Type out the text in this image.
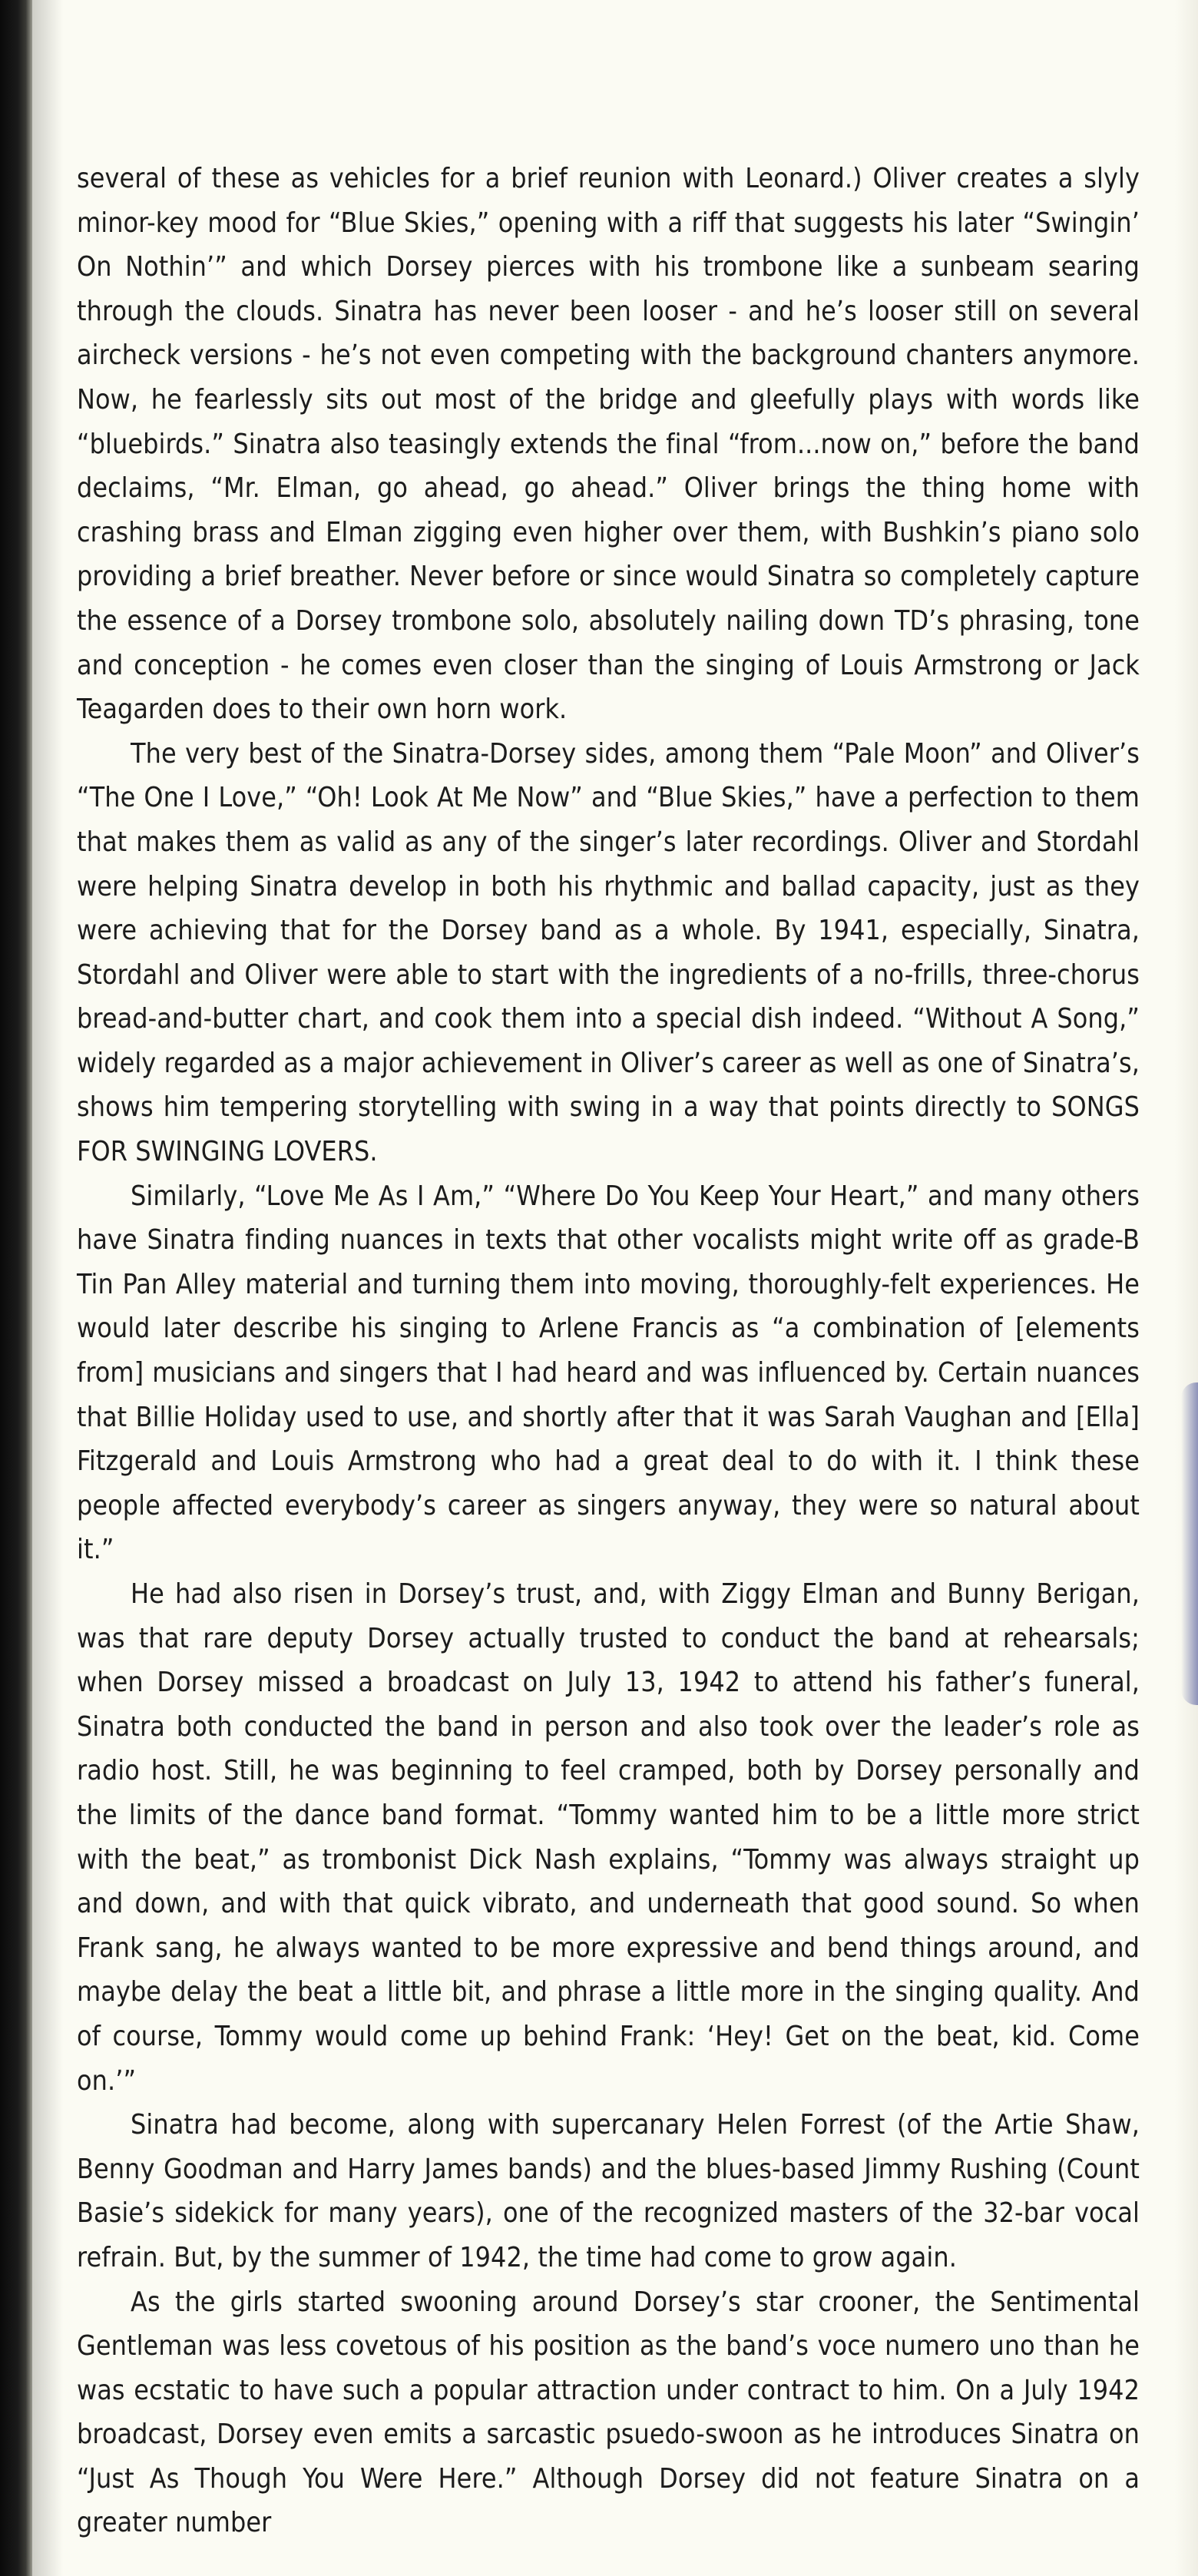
several of these as vehicles for a brief reunion with Leonard.) Oliver creates a slyly minor-key mood for “Blue Skies,” opening with a riff that suggests his later “Swingin’ On Nothin’” and which Dorsey pierces with his trombone like a sunbeam searing through the clouds. Sinatra has never been looser - and he’s looser still on several aircheck versions - he’s not even competing with the background chanters anymore. Now, he fearlessly sits out most of the bridge and gleefully plays with words like “bluebirds.” Sinatra also teasingly extends the final “from...now on,” before the band declaims, “Mr. Elman, go ahead, go ahead.” Oliver brings the thing home with crashing brass and Elman zigging even higher over them, with Bushkin’s piano solo providing a brief breather. Never before or since would Sinatra so completely capture the essence of a Dorsey trombone solo, absolutely nailing down TD’s phrasing, tone and conception - he comes even closer than the singing of Louis Armstrong or Jack Teagarden does to their own horn work.

The very best of the Sinatra-Dorsey sides, among them “Pale Moon” and Oliver’s “The One I Love,” “Oh! Look At Me Now” and “Blue Skies,” have a perfection to them that makes them as valid as any of the singer’s later recordings. Oliver and Stordahl were helping Sinatra develop in both his rhythmic and ballad capacity, just as they were achieving that for the Dorsey band as a whole. By 1941, especially, Sinatra, Stordahl and Oliver were able to start with the ingredients of a no-frills, three-chorus bread-and-butter chart, and cook them into a special dish indeed. “Without A Song,” widely regarded as a major achievement in Oliver’s career as well as one of Sinatra’s, shows him tempering storytelling with swing in a way that points directly to SONGS FOR SWINGING LOVERS.

Similarly, “Love Me As I Am,” “Where Do You Keep Your Heart,” and many others have Sinatra finding nuances in texts that other vocalists might write off as grade-B Tin Pan Alley material and turning them into moving, thoroughly-felt experiences. He would later describe his singing to Arlene Francis as “a combination of [elements from] musicians and singers that I had heard and was influenced by. Certain nuances that Billie Holiday used to use, and shortly after that it was Sarah Vaughan and [Ella] Fitzgerald and Louis Armstrong who had a great deal to do with it. I think these people affected everybody’s career as singers anyway, they were so natural about it.”

He had also risen in Dorsey’s trust, and, with Ziggy Elman and Bunny Berigan, was that rare deputy Dorsey actually trusted to conduct the band at rehearsals; when Dorsey missed a broadcast on July 13, 1942 to attend his father’s funeral, Sinatra both conducted the band in person and also took over the leader’s role as radio host. Still, he was beginning to feel cramped, both by Dorsey personally and the limits of the dance band format. “Tommy wanted him to be a little more strict with the beat,” as trombonist Dick Nash explains, “Tommy was always straight up and down, and with that quick vibrato, and underneath that good sound. So when Frank sang, he always wanted to be more expressive and bend things around, and maybe delay the beat a little bit, and phrase a little more in the singing quality. And of course, Tommy would come up behind Frank: ‘Hey! Get on the beat, kid. Come on.’”

Sinatra had become, along with supercanary Helen Forrest (of the Artie Shaw, Benny Goodman and Harry James bands) and the blues-based Jimmy Rushing (Count Basie’s sidekick for many years), one of the recognized masters of the 32-bar vocal refrain. But, by the summer of 1942, the time had come to grow again.

As the girls started swooning around Dorsey’s star crooner, the Sentimental Gentleman was less covetous of his position as the band’s voce numero uno than he was ecstatic to have such a popular attraction under contract to him. On a July 1942 broadcast, Dorsey even emits a sarcastic psuedo-swoon as he introduces Sinatra on “Just As Though You Were Here.” Although Dorsey did not feature Sinatra on a greater number
